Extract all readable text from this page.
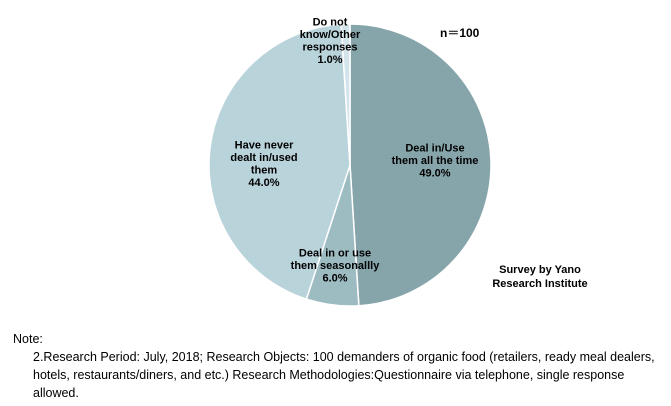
Deal in/Use them all the time 49.0%
Deal in or use them seasonallly 6.0%
Have never dealt in/used them 44.0%
Do not know/Other responses 1.0%
n＝100
Survey by Yano
Research Institute
Note:
2.Research Period: July, 2018; Research Objects: 100 demanders of organic food (retailers, ready meal dealers, hotels, restaurants/diners, and etc.) Research Methodologies:Questionnaire via telephone, single response allowed.
